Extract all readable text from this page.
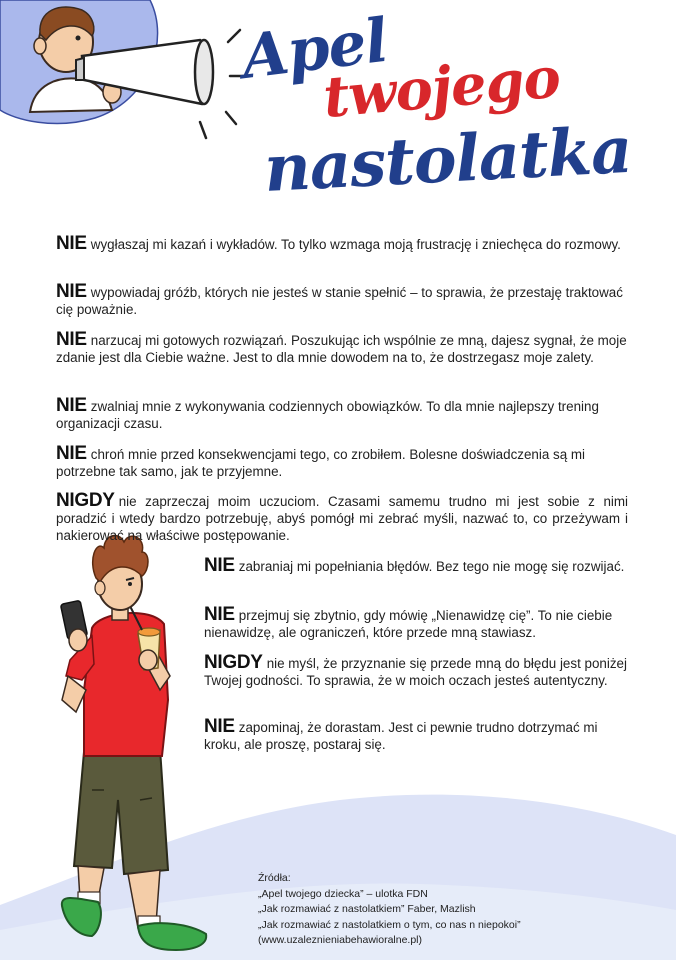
Apel
twojego
nastolatka
NIE wygłaszaj mi kazań i wykładów. To tylko wzmaga moją frustrację i zniechęca do rozmowy.
NIE wypowiadaj gróźb, których nie jesteś w stanie spełnić – to sprawia, że przestaję traktować cię poważnie.
NIE narzucaj mi gotowych rozwiązań. Poszukując ich wspólnie ze mną, dajesz sygnał, że moje zdanie jest dla Ciebie ważne. Jest to dla mnie dowodem na to, że dostrzegasz moje zalety.
NIE zwalniaj mnie z wykonywania codziennych obowiązków. To dla mnie najlepszy trening organizacji czasu.
NIE chroń mnie przed konsekwencjami tego, co zrobiłem. Bolesne doświadczenia są mi potrzebne tak samo, jak te przyjemne.
NIGDY nie zaprzeczaj moim uczuciom. Czasami samemu trudno mi jest sobie z nimi poradzić i wtedy bardzo potrzebuję, abyś pomógł mi zebrać myśli, nazwać to, co przeżywam i nakierować na właściwe postępowanie.
NIE zabraniaj mi popełniania błędów. Bez tego nie mogę się rozwijać.
NIE przejmuj się zbytnio, gdy mówię „Nienawidzę cię”. To nie ciebie nienawidzę, ale ograniczeń, które przede mną stawiasz.
NIGDY nie myśl, że przyznanie się przede mną do błędu jest poniżej Twojej godności. To sprawia, że w moich oczach jesteś autentyczny.
NIE zapominaj, że dorastam. Jest ci pewnie trudno dotrzymać mi kroku, ale proszę, postaraj się.
Źródła:
„Apel twojego dziecka” – ulotka FDN
„Jak rozmawiać z nastolatkiem” Faber, Mazlish
„Jak rozmawiać z nastolatkiem o tym, co nas n niepokoi”
(www.uzaleznieniabehawioralne.pl)
